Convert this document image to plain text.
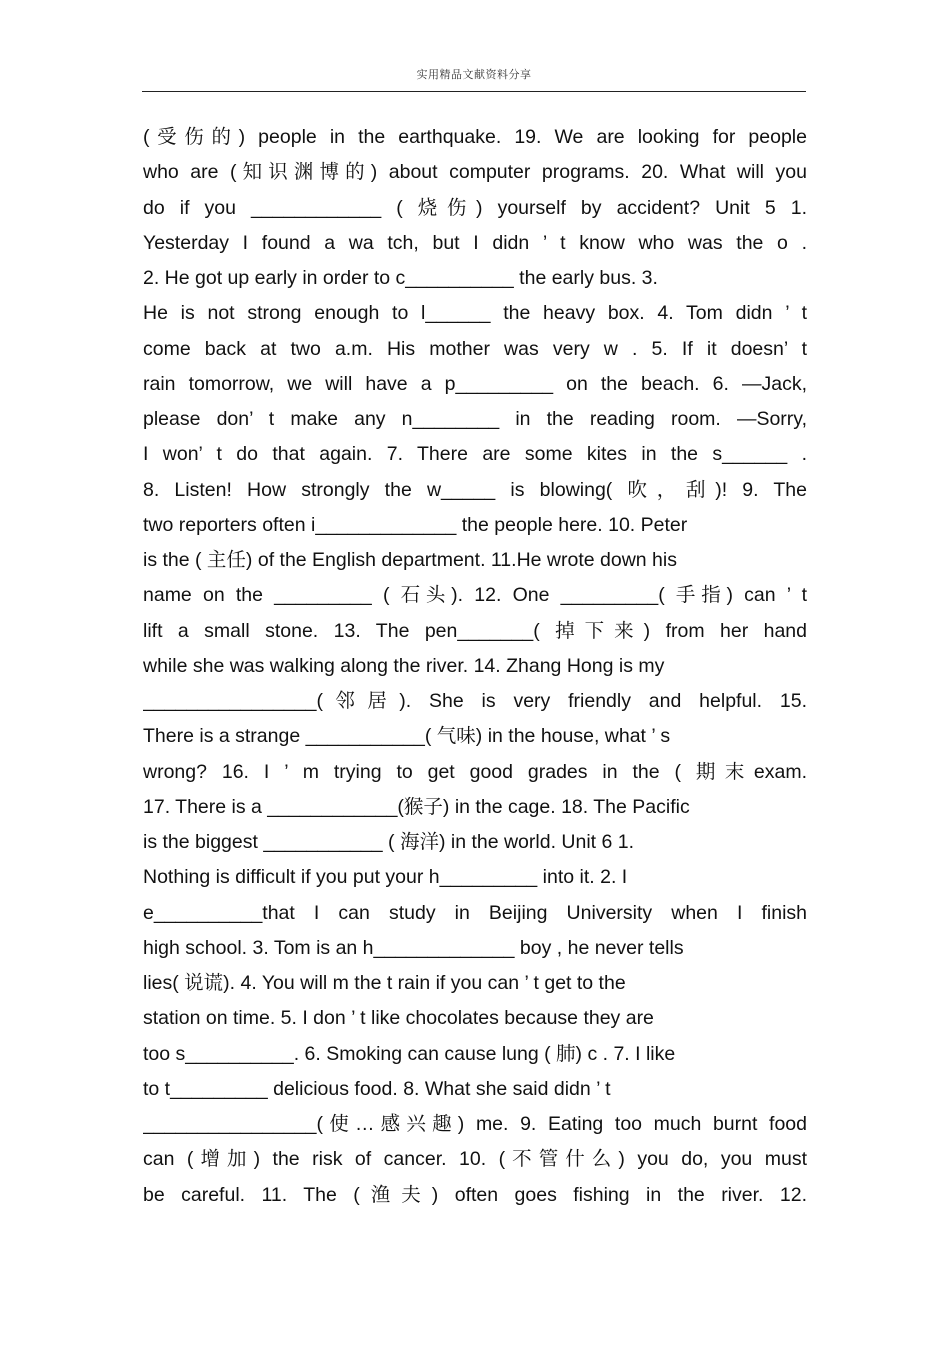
实用精品文献资料分享
(受伤的) people in the earthquake. 19. We are looking for people
who are (知识渊博的) about computer programs. 20. What will you
do if you ____________ ( 烧伤) yourself by accident? Unit 5 1.
Yesterday I found a wa tch, but I didn ’ t know who was the o .
2. He got up early in order to c__________ the early bus. 3.
He is not strong enough to l______ the heavy box. 4. Tom didn ’ t
come back at two a.m. His mother was very w . 5. If it doesn’ t
rain tomorrow, we will have a p_________ on the beach. 6. —Jack,
please don’ t make any n________ in the reading room. —Sorry,
I won’ t do that again. 7. There are some kites in the s______ .
8. Listen! How strongly the w_____ is blowing( 吹，刮)! 9. The
two reporters often i_____________ the people here. 10. Peter
is the ( 主任) of the English department. 11.He wrote down his
name on the _________ ( 石头). 12. One _________( 手指) can ’ t
lift a small stone. 13. The pen_______( 掉下来) from her hand
while she was walking along the river. 14. Zhang Hong is my
________________(邻居). She is very friendly and helpful. 15.
There is a strange ___________( 气味) in the house, what ’ s
wrong? 16. I ’ m trying to get good grades in the ( 期末exam.
17. There is a ____________(猴子) in the cage. 18. The Pacific
is the biggest ___________ ( 海洋) in the world. Unit 6 1.
Nothing is difficult if you put your h_________ into it. 2. I
e__________that I can study in Beijing University when I finish
high school. 3. Tom is an h_____________ boy , he never tells
lies( 说谎). 4. You will m the t rain if you can ’ t get to the
station on time. 5. I don ’ t like chocolates because they are
too s__________. 6. Smoking can cause lung ( 肺) c . 7. I like
to t_________ delicious food. 8. What she said didn ’ t
________________(使…感兴趣) me. 9. Eating too much burnt food
can (增加) the risk of cancer. 10. (不管什么) you do, you must
be careful. 11. The (渔夫) often goes fishing in the river. 12.
